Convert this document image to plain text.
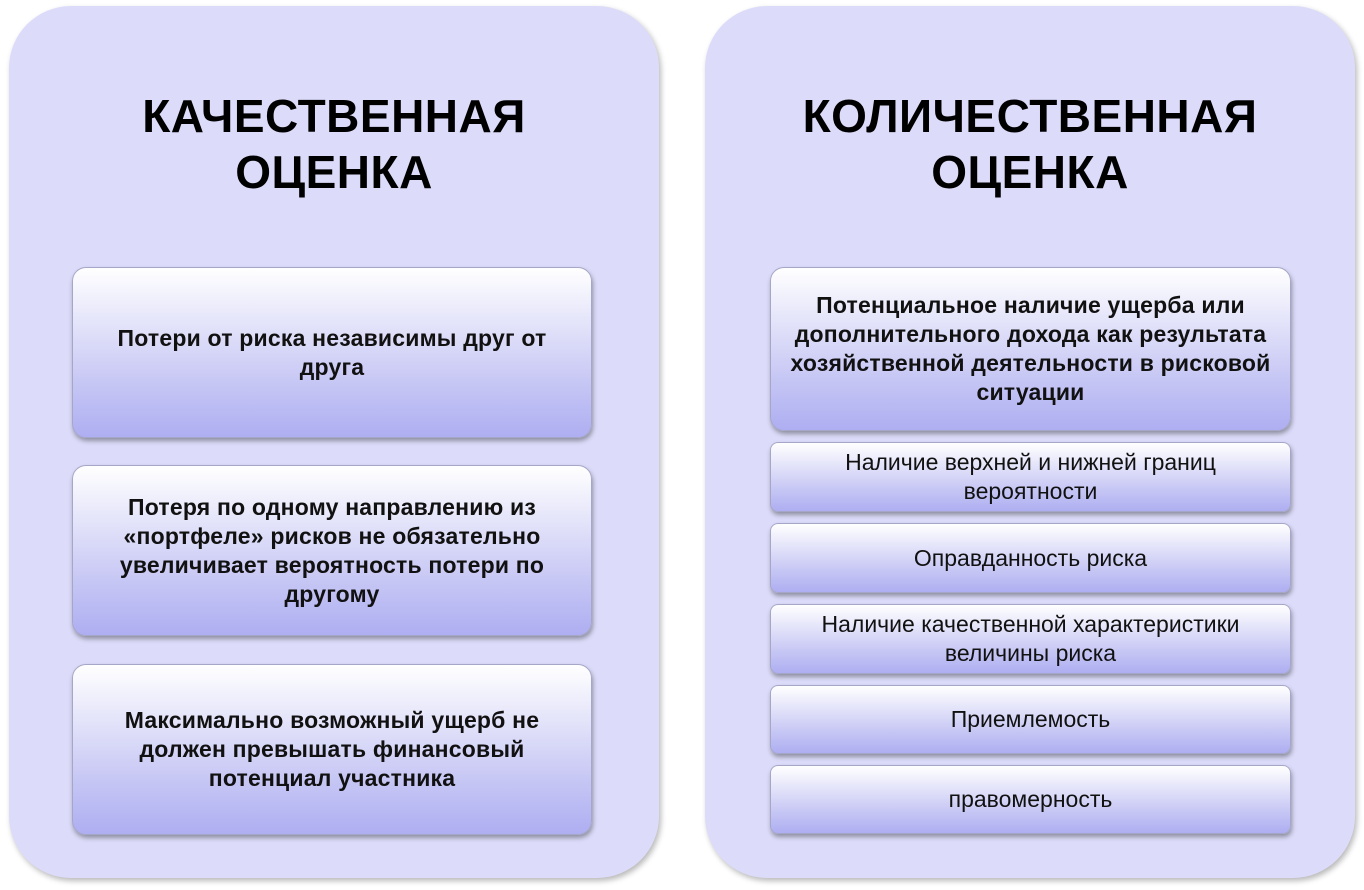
КАЧЕСТВЕННАЯ
ОЦЕНКА
КОЛИЧЕСТВЕННАЯ
ОЦЕНКА
Потери от риска независимы друг от друга
Потеря по одному направлению из «портфеле» рисков не обязательно увеличивает вероятность потери по другому
Максимально возможный ущерб не должен превышать финансовый потенциал участника
Потенциальное наличие ущерба или дополнительного дохода как результата хозяйственной деятельности в рисковой ситуации
Наличие верхней и нижней границ вероятности
Оправданность риска
Наличие качественной характеристики величины риска
Приемлемость
правомерность
